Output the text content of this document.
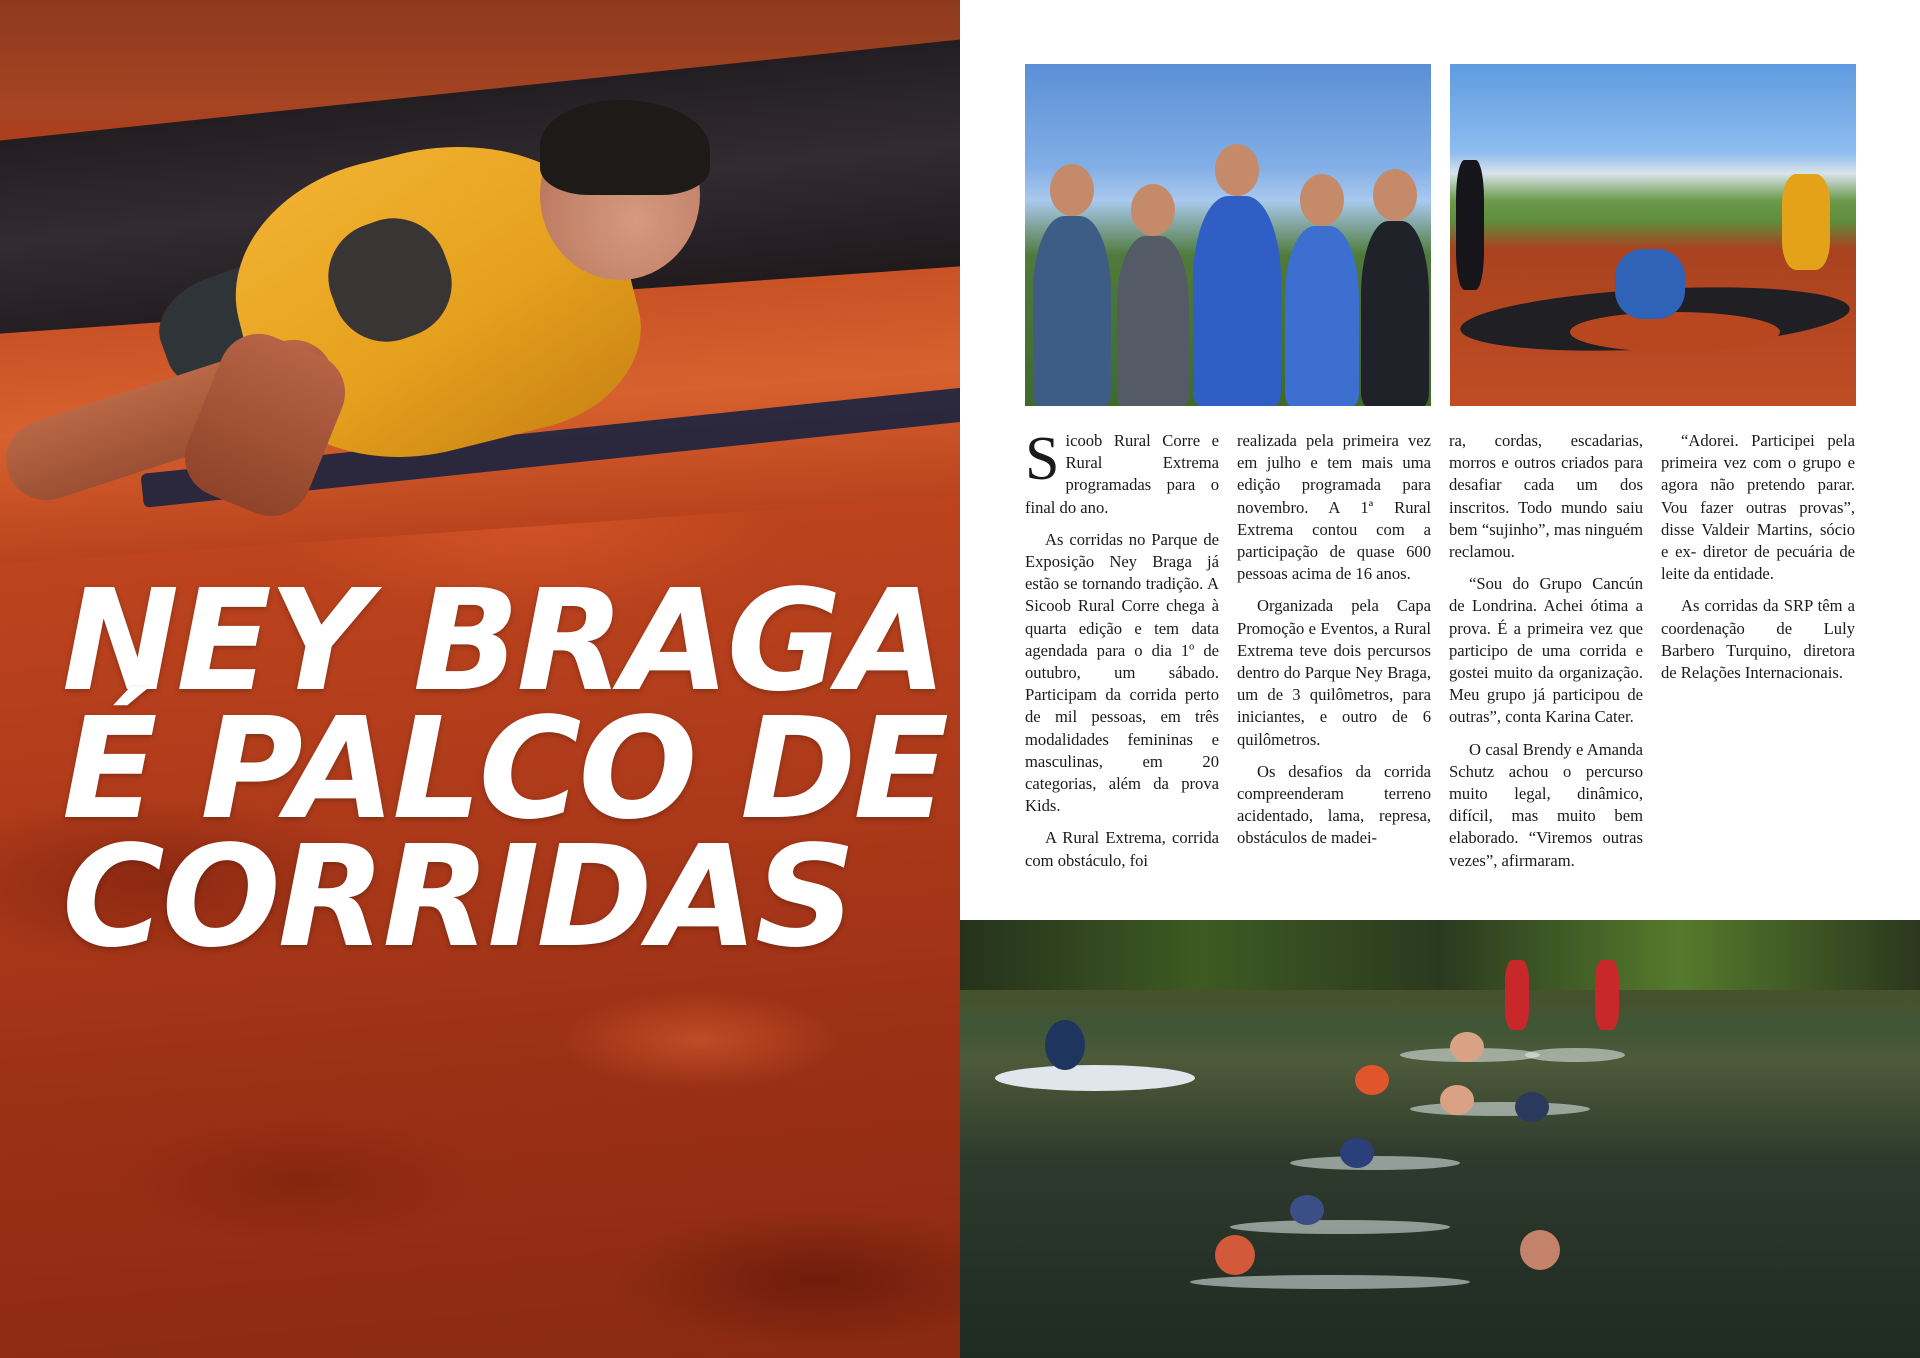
NEY BRAGA
É PALCO DE
CORRIDAS

Sicoob Rural Corre e Rural Extrema programadas para o final do ano.

As corridas no Parque de Exposição Ney Braga já estão se tornando tradição. A Sicoob Rural Corre chega à quarta edição e tem data agendada para o dia 1º de outubro, um sábado. Participam da corrida perto de mil pessoas, em três modalidades femininas e masculinas, em 20 categorias, além da prova Kids.

A Rural Extrema, corrida com obstáculo, foi

realizada pela primeira vez em julho e tem mais uma edição programada para novembro. A 1ª Rural Extrema contou com a participação de quase 600 pessoas acima de 16 anos.

Organizada pela Capa Promoção e Eventos, a Rural Extrema teve dois percursos dentro do Parque Ney Braga, um de 3 quilômetros, para iniciantes, e outro de 6 quilômetros.

Os desafios da corrida compreenderam terreno acidentado, lama, represa, obstáculos de madei-

ra, cordas, escadarias, morros e outros criados para desafiar cada um dos inscritos. Todo mundo saiu bem “sujinho”, mas ninguém reclamou.

“Sou do Grupo Cancún de Londrina. Achei ótima a prova. É a primeira vez que participo de uma corrida e gostei muito da organização. Meu grupo já participou de outras”, conta Karina Cater.

O casal Brendy e Amanda Schutz achou o percurso muito legal, dinâmico, difícil, mas muito bem elaborado. “Viremos outras vezes”, afirmaram.

“Adorei. Participei pela primeira vez com o grupo e agora não pretendo parar. Vou fazer outras provas”, disse Valdeir Martins, sócio e ex- diretor de pecuária de leite da entidade.

As corridas da SRP têm a coordenação de Luly Barbero Turquino, diretora de Relações Internacionais.
